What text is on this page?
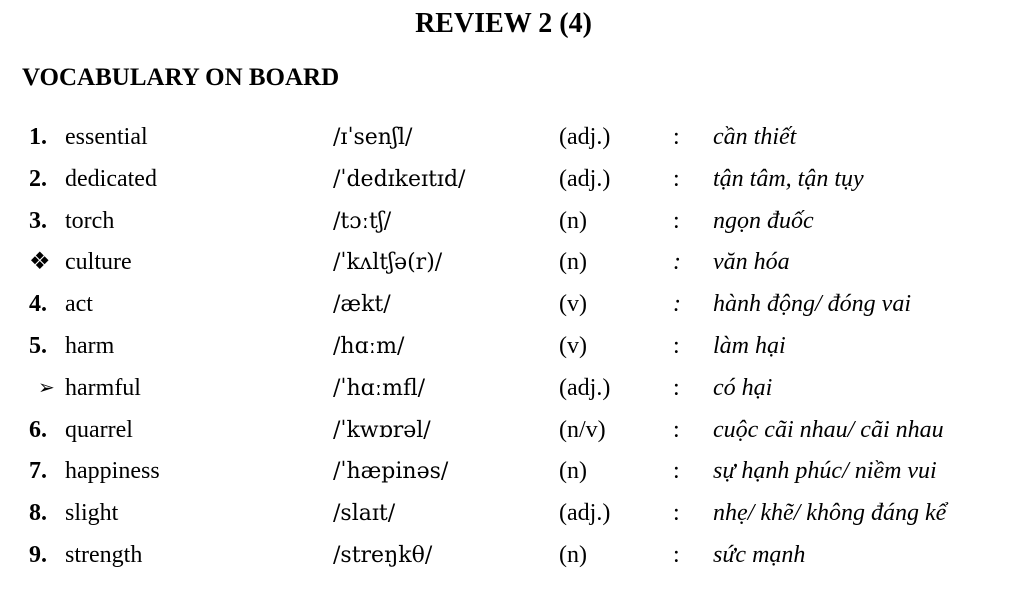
REVIEW 2 (4)
VOCABULARY ON BOARD
1. essential	/ɪˈsenʃl/	(adj.)	: cần thiết
2. dedicated	/ˈdedɪkeɪtɪd/	(adj.)	: tận tâm, tận tụy
3. torch	/tɔːtʃ/	(n)	: ngọn đuốc
❖ culture	/ˈkʌltʃə(r)/	(n)	: văn hóa
4. act	/ækt/	(v)	: hành động/ đóng vai
5. harm	/hɑːm/	(v)	: làm hại
➢ harmful	/ˈhɑːmfl/	(adj.)	: có hại
6. quarrel	/ˈkwɒrəl/	(n/v)	: cuộc cãi nhau/ cãi nhau
7. happiness	/ˈhæpinəs/	(n)	: sự hạnh phúc/ niềm vui
8. slight	/slaɪt/	(adj.)	: nhẹ/ khẽ/ không đáng kể
9. strength	/streŋkθ/	(n)	: sức mạnh
